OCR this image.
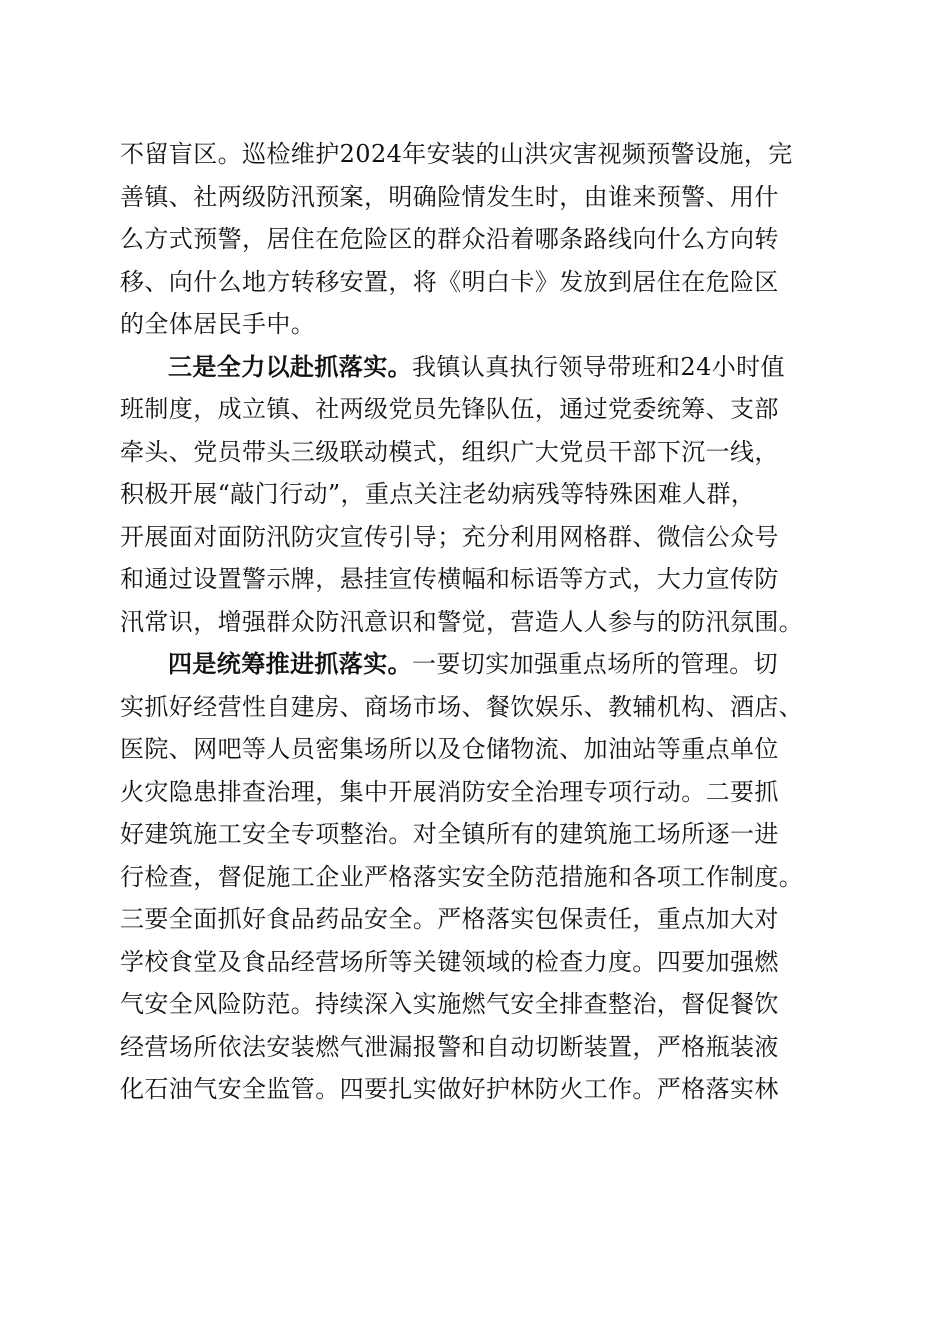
不留盲区。巡检维护2024年安装的山洪灾害视频预警设施，完
善镇、社两级防汛预案，明确险情发生时，由谁来预警、用什
么方式预警，居住在危险区的群众沿着哪条路线向什么方向转
移、向什么地方转移安置，将《明白卡》发放到居住在危险区
的全体居民手中。
三是全力以赴抓落实。我镇认真执行领导带班和24小时值
班制度，成立镇、社两级党员先锋队伍，通过党委统筹、支部
牵头、党员带头三级联动模式，组织广大党员干部下沉一线，
积极开展“敲门行动”，重点关注老幼病残等特殊困难人群，
开展面对面防汛防灾宣传引导；充分利用网格群、微信公众号
和通过设置警示牌，悬挂宣传横幅和标语等方式，大力宣传防
汛常识，增强群众防汛意识和警觉，营造人人参与的防汛氛围。
四是统筹推进抓落实。一要切实加强重点场所的管理。切
实抓好经营性自建房、商场市场、餐饮娱乐、教辅机构、酒店、
医院、网吧等人员密集场所以及仓储物流、加油站等重点单位
火灾隐患排查治理，集中开展消防安全治理专项行动。二要抓
好建筑施工安全专项整治。对全镇所有的建筑施工场所逐一进
行检查，督促施工企业严格落实安全防范措施和各项工作制度。
三要全面抓好食品药品安全。严格落实包保责任，重点加大对
学校食堂及食品经营场所等关键领域的检查力度。四要加强燃
气安全风险防范。持续深入实施燃气安全排查整治，督促餐饮
经营场所依法安装燃气泄漏报警和自动切断装置，严格瓶装液
化石油气安全监管。四要扎实做好护林防火工作。严格落实林
